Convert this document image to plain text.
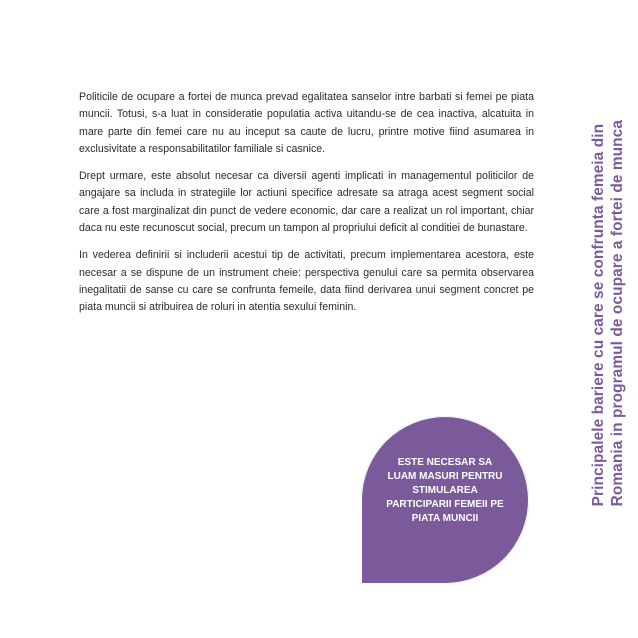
Politicile de ocupare a fortei de munca prevad egalitatea sanselor intre barbati si femei pe piata muncii. Totusi, s-a luat in consideratie populatia activa uitandu-se de cea inactiva, alcatuita in mare parte din femei care nu au inceput sa caute de lucru, printre motive fiind asumarea in exclusivitate a responsabilitatilor familiale si casnice.

Drept urmare, este absolut necesar ca diversii agenti implicati in managementul politicilor de angajare sa includa in strategiile lor actiuni specifice adresate sa atraga acest segment social care a fost marginalizat din punct de vedere economic, dar care a realizat un rol important, chiar daca nu este recunoscut social, precum un tampon al propriului deficit al conditiei de bunastare.

In vederea definirii si includerii acestui tip de activitati, precum implementarea acestora, este necesar a se dispune de un instrument cheie: perspectiva genului care sa permita observarea inegalitatii de sanse cu care se confrunta femeile, data fiind derivarea unui segment concret pe piata muncii si atribuirea de roluri in atentia sexului feminin.	Principalele bariere cu care se confrunta femeia din Romania in programul de ocupare a fortei de munca
ESTE NECESAR SA LUAM MASURI PENTRU STIMULAREA PARTICIPARII FEMEII PE PIATA MUNCII
